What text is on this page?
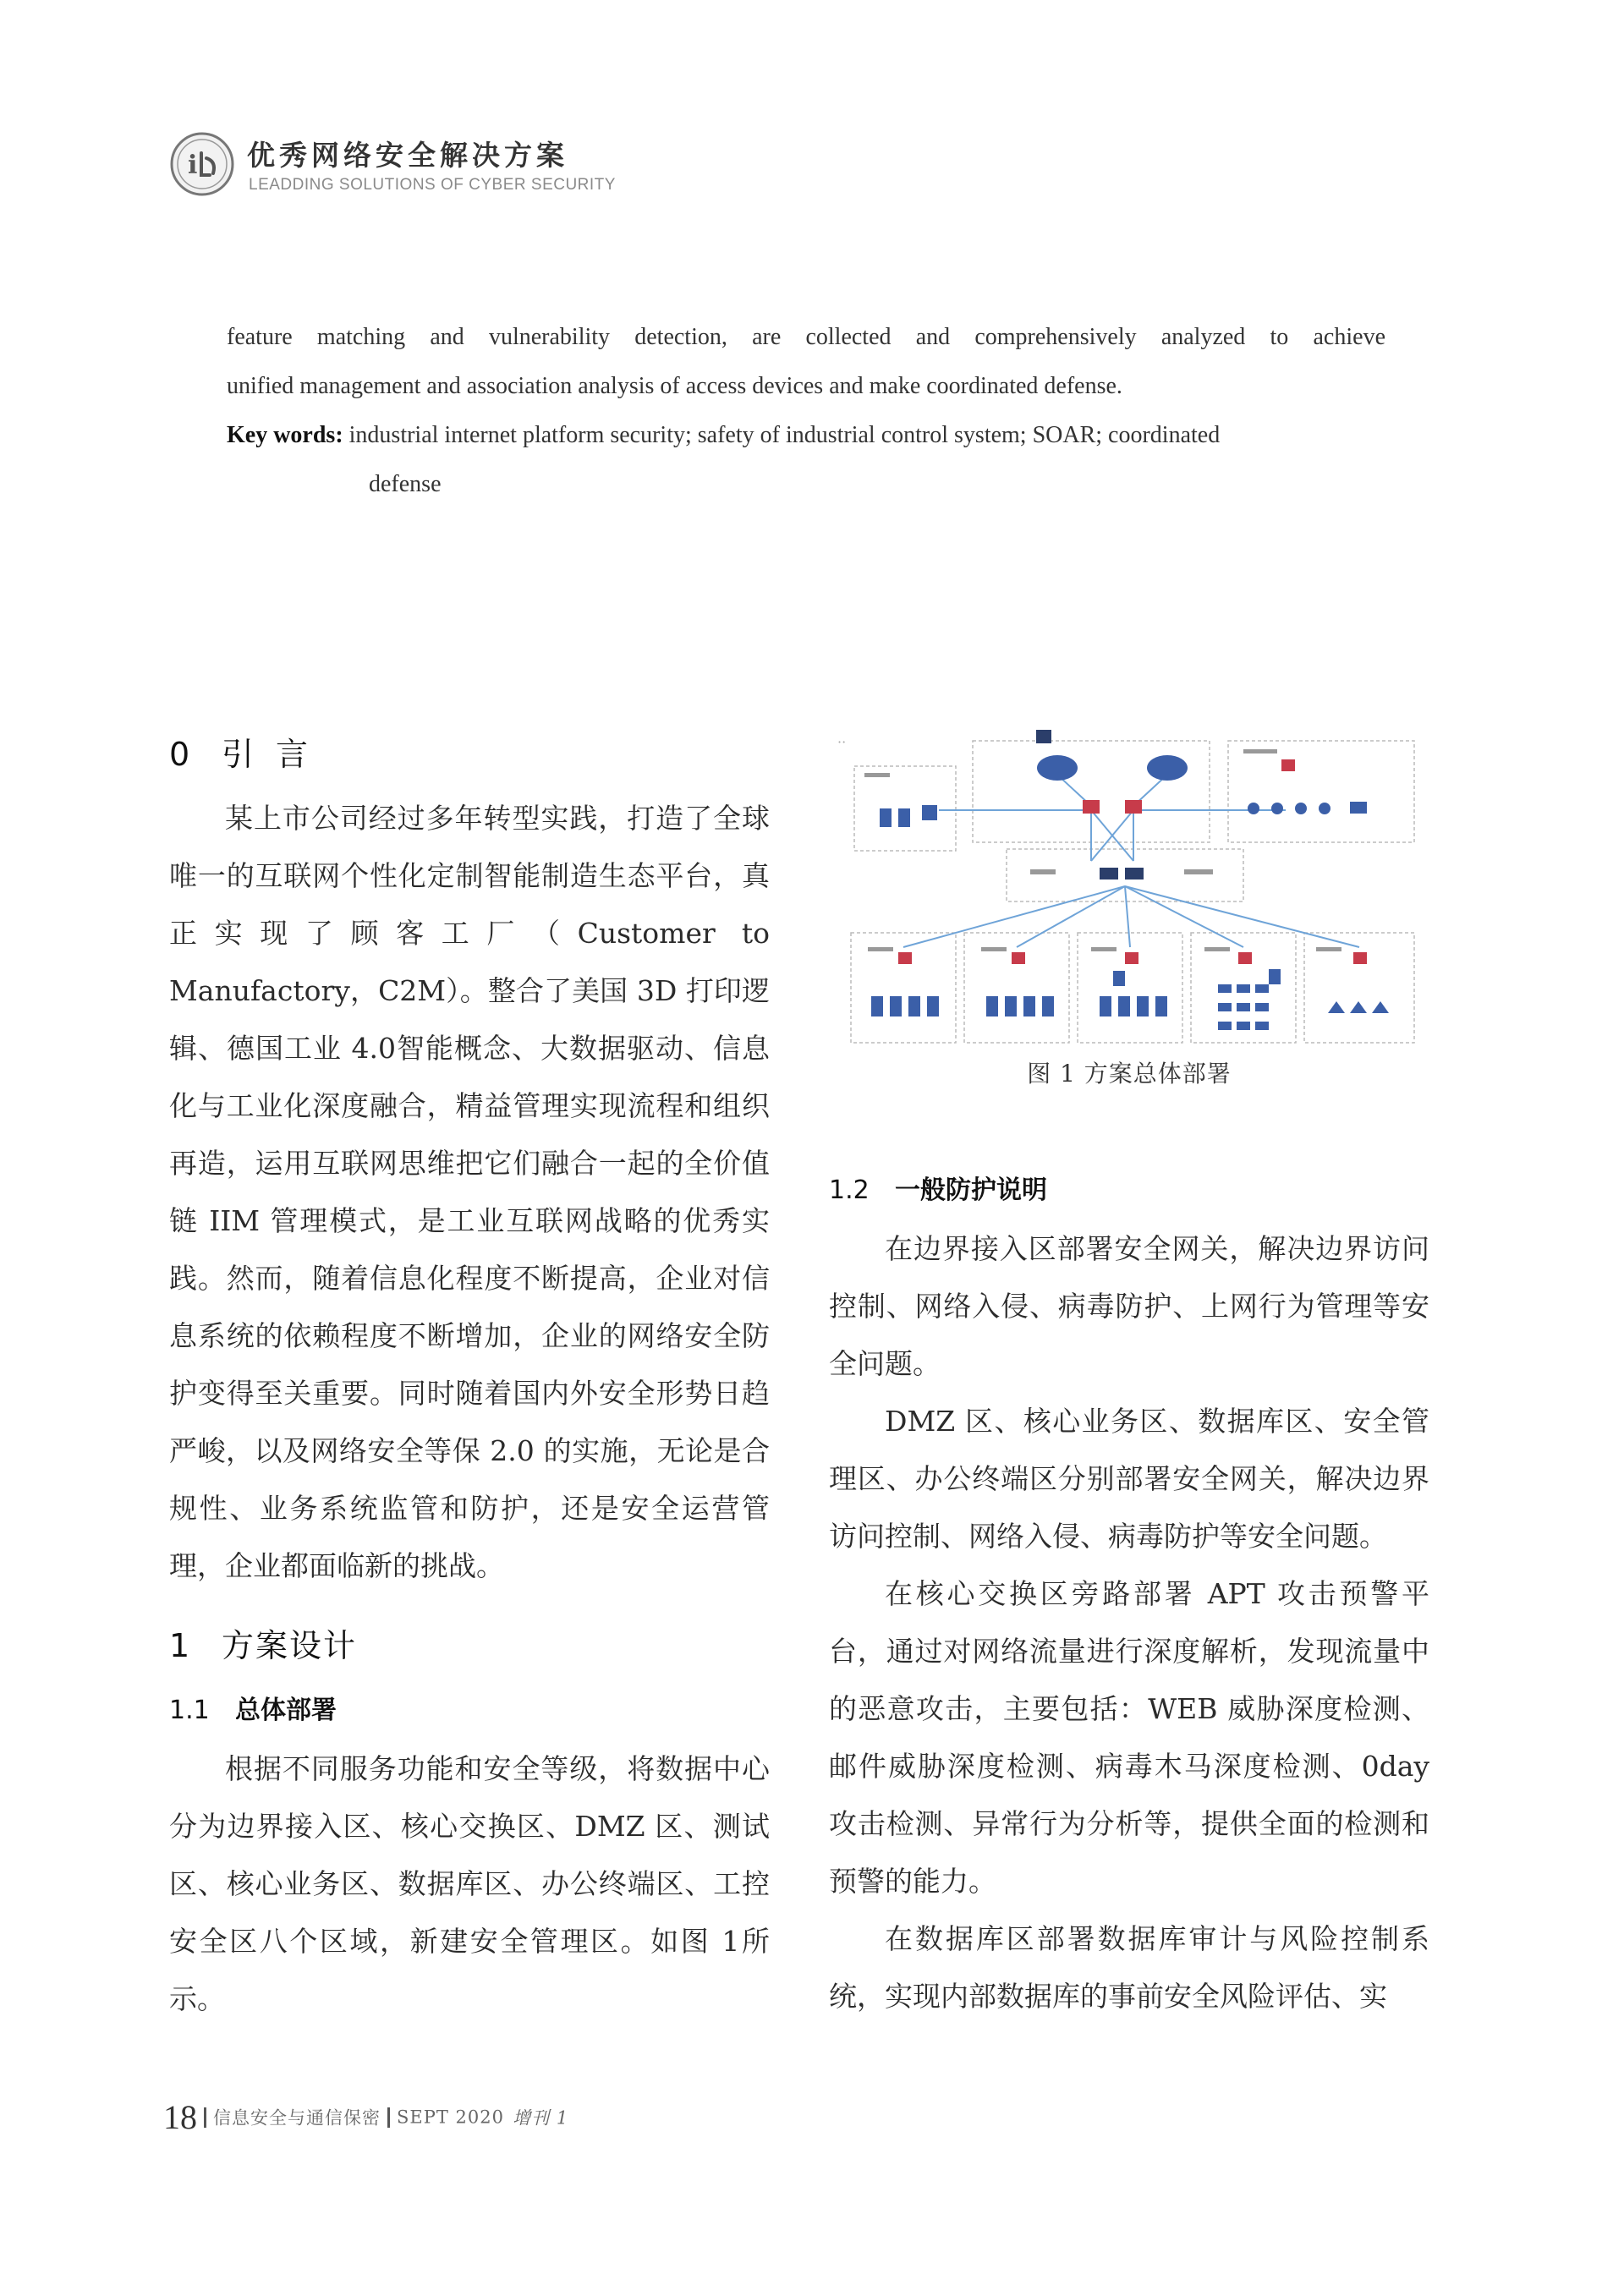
i 优秀网络安全解决方案
LEADDING SOLUTIONS OF CYBER SECURITY

feature matching and vulnerability detection, are collected and comprehensively analyzed to achieve

unified management and association analysis of access devices and make coordinated defense.

Key words: industrial internet platform security; safety of industrial control system; SOAR; coordinated

defense

0 引言
某上市公司经过多年转型实践，打造了全球唯一的互联网个性化定制智能制造生态平台，真正实现了顾客工厂（Customer to Manufactory，C2M）。整合了美国 3D 打印逻辑、德国工业 4.0智能概念、大数据驱动、信息化与工业化深度融合，精益管理实现流程和组织再造，运用互联网思维把它们融合一起的全价值链 IIM 管理模式，是工业互联网战略的优秀实践。然而，随着信息化程度不断提高，企业对信息系统的依赖程度不断增加，企业的网络安全防护变得至关重要。同时随着国内外安全形势日趋严峻，以及网络安全等保 2.0 的实施，无论是合规性、业务系统监管和防护，还是安全运营管理，企业都面临新的挑战。
1 方案设计
1.1 总体部署
根据不同服务功能和安全等级，将数据中心分为边界接入区、核心交换区、DMZ 区、测试区、核心业务区、数据库区、办公终端区、工控安全区八个区域，新建安全管理区。如图 1所示。
··
图 1 方案总体部署
1.2 一般防护说明
在边界接入区部署安全网关，解决边界访问控制、网络入侵、病毒防护、上网行为管理等安全问题。
DMZ 区、核心业务区、数据库区、安全管理区、办公终端区分别部署安全网关，解决边界访问控制、网络入侵、病毒防护等安全问题。
在核心交换区旁路部署 APT 攻击预警平台，通过对网络流量进行深度解析，发现流量中的恶意攻击，主要包括：WEB 威胁深度检测、邮件威胁深度检测、病毒木马深度检测、0day 攻击检测、异常行为分析等，提供全面的检测和预警的能力。
在数据库区部署数据库审计与风险控制系统，实现内部数据库的事前安全风险评估、实
18 信息安全与通信保密 SEPT 2020 增刊 1
